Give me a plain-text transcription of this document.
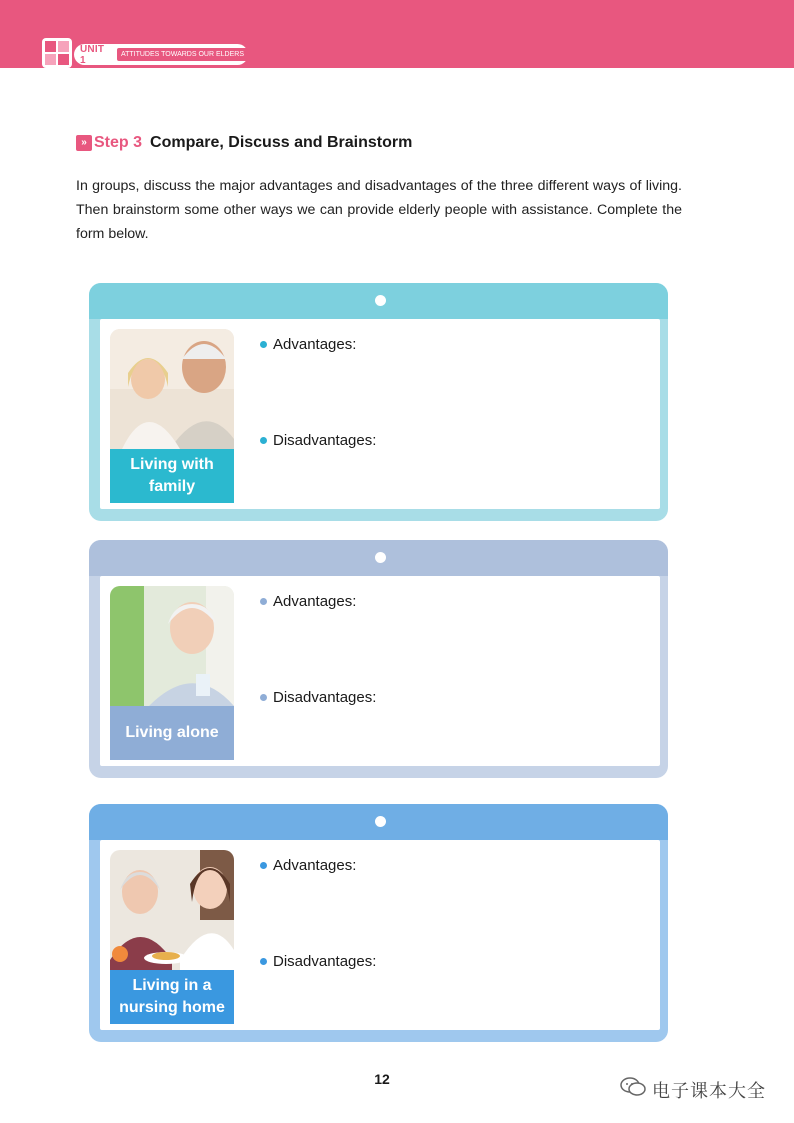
UNIT 1	ATTITUDES TOWARDS OUR ELDERS
» Step 3 Compare, Discuss and Brainstorm

In groups, discuss the major advantages and disadvantages of the three different ways of living. Then brainstorm some other ways we can provide elderly people with assistance. Complete the form below.

Living with
family
Advantages:
Disadvantages:
Living alone
Advantages:
Disadvantages:
Living in a
nursing home
Advantages:
Disadvantages:
12
电子课本大全
